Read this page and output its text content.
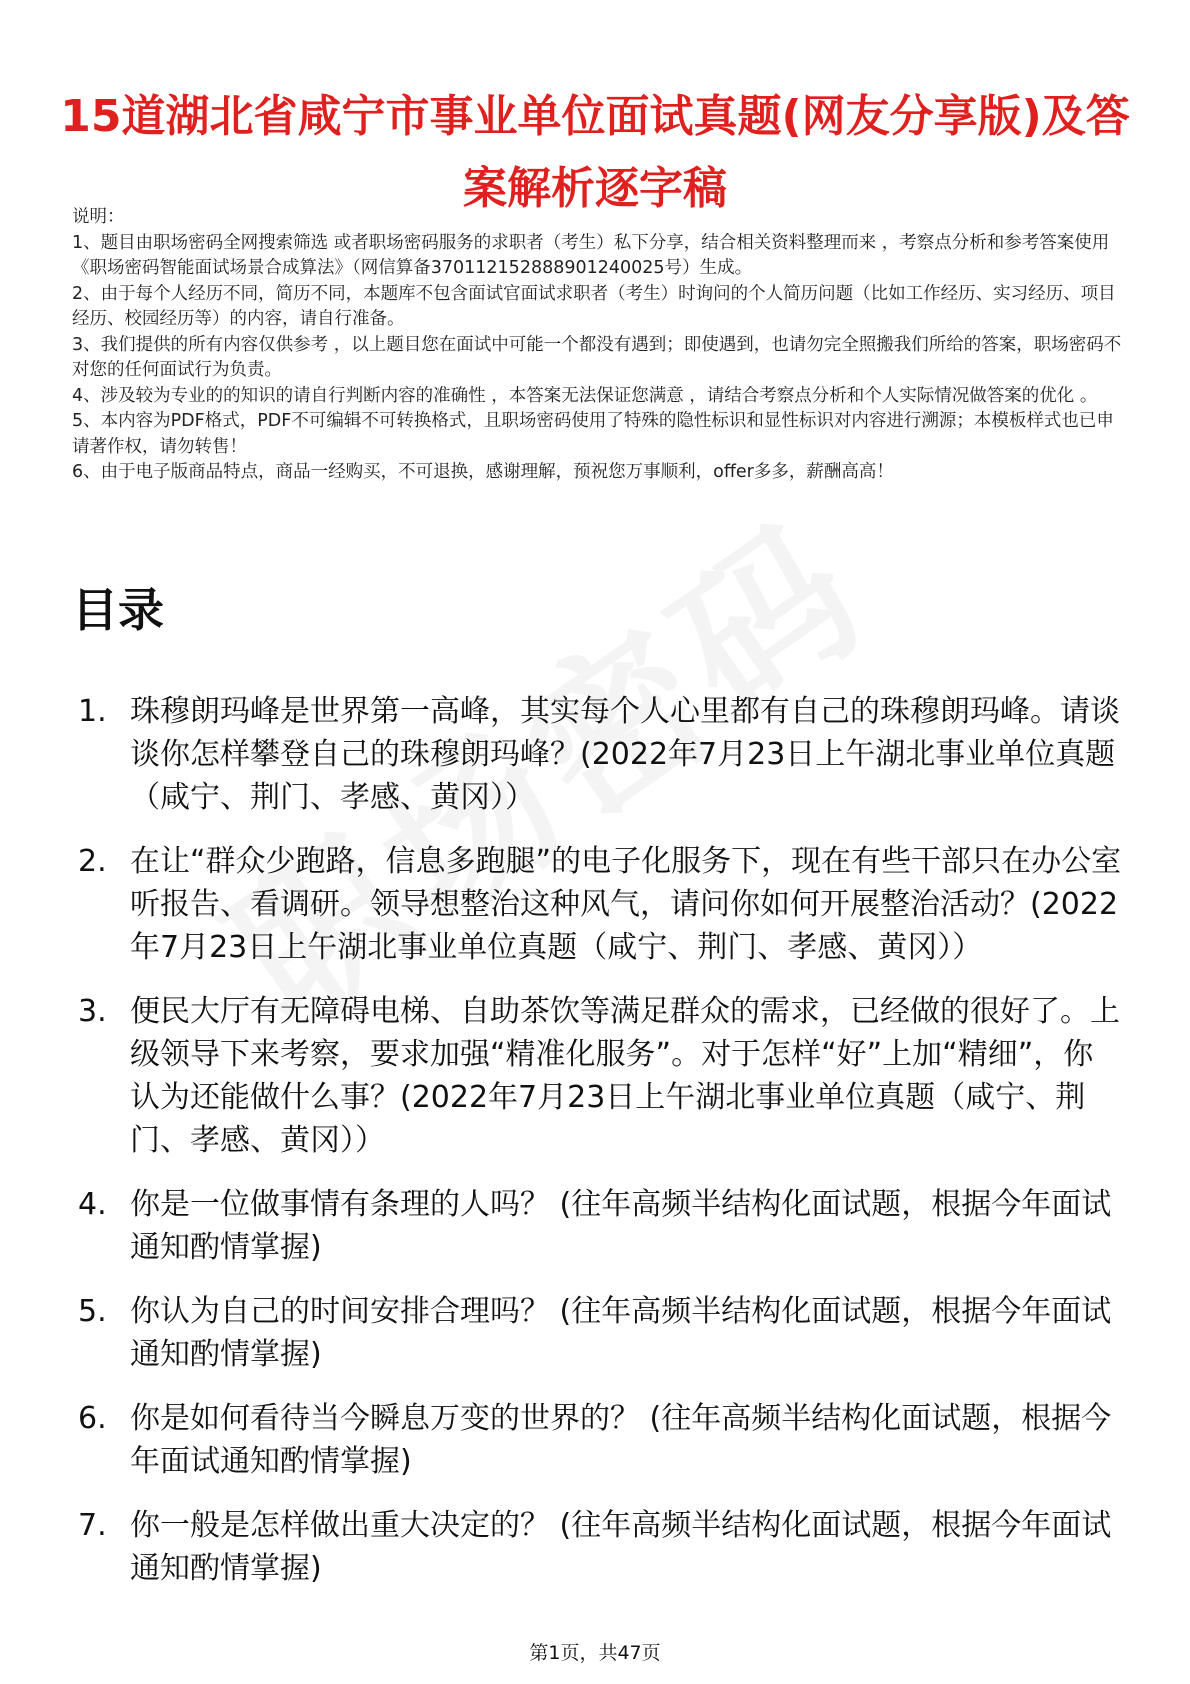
15道湖北省咸宁市事业单位面试真题(网友分享版)及答案解析逐字稿

说明：

1、题目由职场密码全网搜索筛选 或者职场密码服务的求职者（考生）私下分享，结合相关资料整理而来 ，考察点分析和参考答案使用《职场密码智能面试场景合成算法》（网信算备370112152888901240025号）生成。

2、由于每个人经历不同，简历不同，本题库不包含面试官面试求职者（考生）时询问的个人简历问题（比如工作经历、实习经历、项目经历、校园经历等）的内容，请自行准备。

3、我们提供的所有内容仅供参考 ，以上题目您在面试中可能一个都没有遇到；即使遇到，也请勿完全照搬我们所给的答案，职场密码不对您的任何面试行为负责。

4、涉及较为专业的的知识的请自行判断内容的准确性 ，本答案无法保证您满意 ，请结合考察点分析和个人实际情况做答案的优化 。

5、本内容为PDF格式，PDF不可编辑不可转换格式，且职场密码使用了特殊的隐性标识和显性标识对内容进行溯源；本模板样式也已申请著作权，请勿转售！

6、由于电子版商品特点，商品一经购买，不可退换，感谢理解，预祝您万事顺利，offer多多，薪酬高高！

目录
1. 珠穆朗玛峰是世界第一高峰，其实每个人心里都有自己的珠穆朗玛峰。请谈谈你怎样攀登自己的珠穆朗玛峰？(2022年7月23日上午湖北事业单位真题（咸宁、荆门、孝感、黄冈））
2. 在让“群众少跑路，信息多跑腿”的电子化服务下，现在有些干部只在办公室听报告、看调研。领导想整治这种风气，请问你如何开展整治活动？(2022年7月23日上午湖北事业单位真题（咸宁、荆门、孝感、黄冈））
3. 便民大厅有无障碍电梯、自助茶饮等满足群众的需求，已经做的很好了。上级领导下来考察，要求加强“精准化服务”。对于怎样“好”上加“精细”，你认为还能做什么事？(2022年7月23日上午湖北事业单位真题（咸宁、荆门、孝感、黄冈））
4. 你是一位做事情有条理的人吗？ (往年高频半结构化面试题，根据今年面试通知酌情掌握)
5. 你认为自己的时间安排合理吗？ (往年高频半结构化面试题，根据今年面试通知酌情掌握)
6. 你是如何看待当今瞬息万变的世界的？ (往年高频半结构化面试题，根据今年面试通知酌情掌握)
7. 你一般是怎样做出重大决定的？ (往年高频半结构化面试题，根据今年面试通知酌情掌握)
第1页，共47页
